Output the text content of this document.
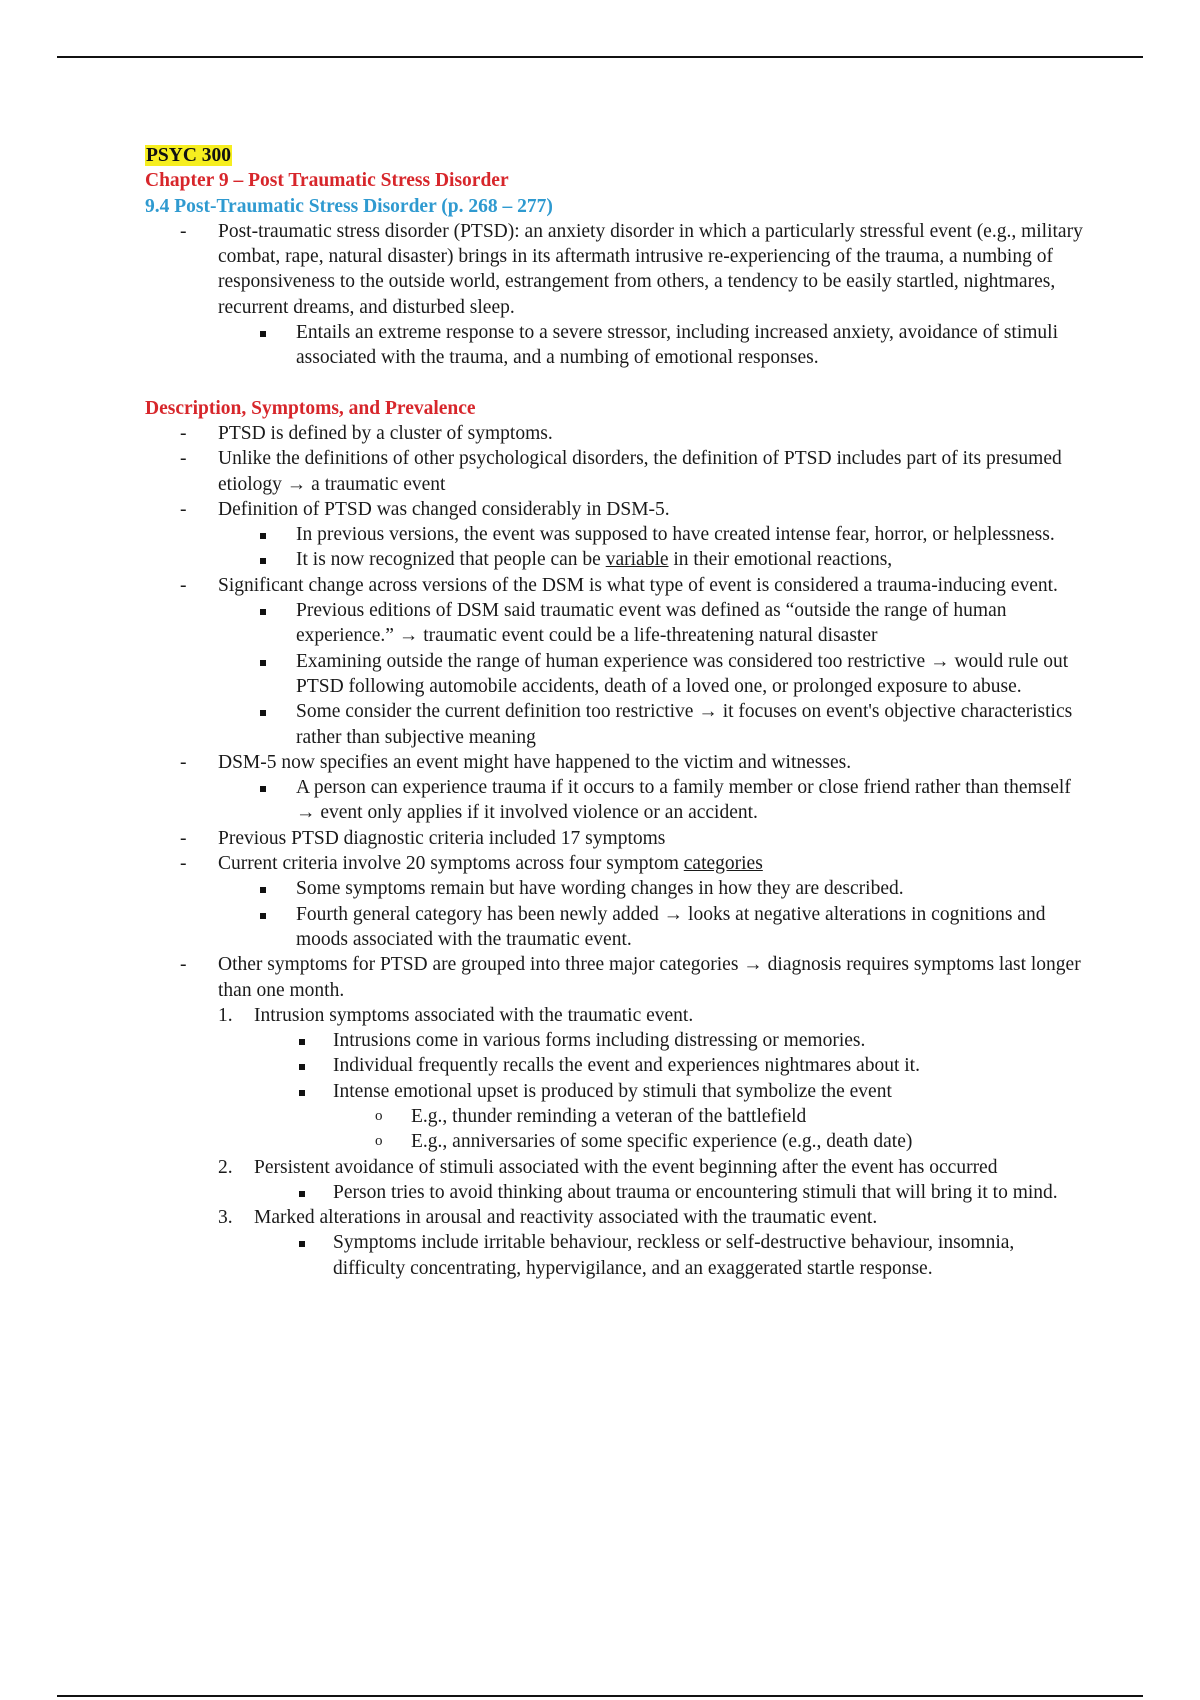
PSYC 300
Chapter 9 – Post Traumatic Stress Disorder
9.4 Post-Traumatic Stress Disorder (p. 268 – 277)
- Post-traumatic stress disorder (PTSD): an anxiety disorder in which a particularly stressful event (e.g., military combat, rape, natural disaster) brings in its aftermath intrusive re-experiencing of the trauma, a numbing of responsiveness to the outside world, estrangement from others, a tendency to be easily startled, nightmares, recurrent dreams, and disturbed sleep.
Entails an extreme response to a severe stressor, including increased anxiety, avoidance of stimuli associated with the trauma, and a numbing of emotional responses.
Description, Symptoms, and Prevalence
- PTSD is defined by a cluster of symptoms.
- Unlike the definitions of other psychological disorders, the definition of PTSD includes part of its presumed etiology → a traumatic event
- Definition of PTSD was changed considerably in DSM-5.
In previous versions, the event was supposed to have created intense fear, horror, or helplessness.
It is now recognized that people can be variable in their emotional reactions,
- Significant change across versions of the DSM is what type of event is considered a trauma-inducing event.
Previous editions of DSM said traumatic event was defined as “outside the range of human experience.” → traumatic event could be a life-threatening natural disaster
Examining outside the range of human experience was considered too restrictive → would rule out PTSD following automobile accidents, death of a loved one, or prolonged exposure to abuse.
Some consider the current definition too restrictive → it focuses on event's objective characteristics rather than subjective meaning
- DSM-5 now specifies an event might have happened to the victim and witnesses.
A person can experience trauma if it occurs to a family member or close friend rather than themself → event only applies if it involved violence or an accident.
- Previous PTSD diagnostic criteria included 17 symptoms
- Current criteria involve 20 symptoms across four symptom categories
Some symptoms remain but have wording changes in how they are described.
Fourth general category has been newly added → looks at negative alterations in cognitions and moods associated with the traumatic event.
- Other symptoms for PTSD are grouped into three major categories → diagnosis requires symptoms last longer than one month.
1. Intrusion symptoms associated with the traumatic event.
Intrusions come in various forms including distressing or memories.
Individual frequently recalls the event and experiences nightmares about it.
Intense emotional upset is produced by stimuli that symbolize the event
o E.g., thunder reminding a veteran of the battlefield
o E.g., anniversaries of some specific experience (e.g., death date)
2. Persistent avoidance of stimuli associated with the event beginning after the event has occurred
Person tries to avoid thinking about trauma or encountering stimuli that will bring it to mind.
3. Marked alterations in arousal and reactivity associated with the traumatic event.
Symptoms include irritable behaviour, reckless or self-destructive behaviour, insomnia, difficulty concentrating, hypervigilance, and an exaggerated startle response.
